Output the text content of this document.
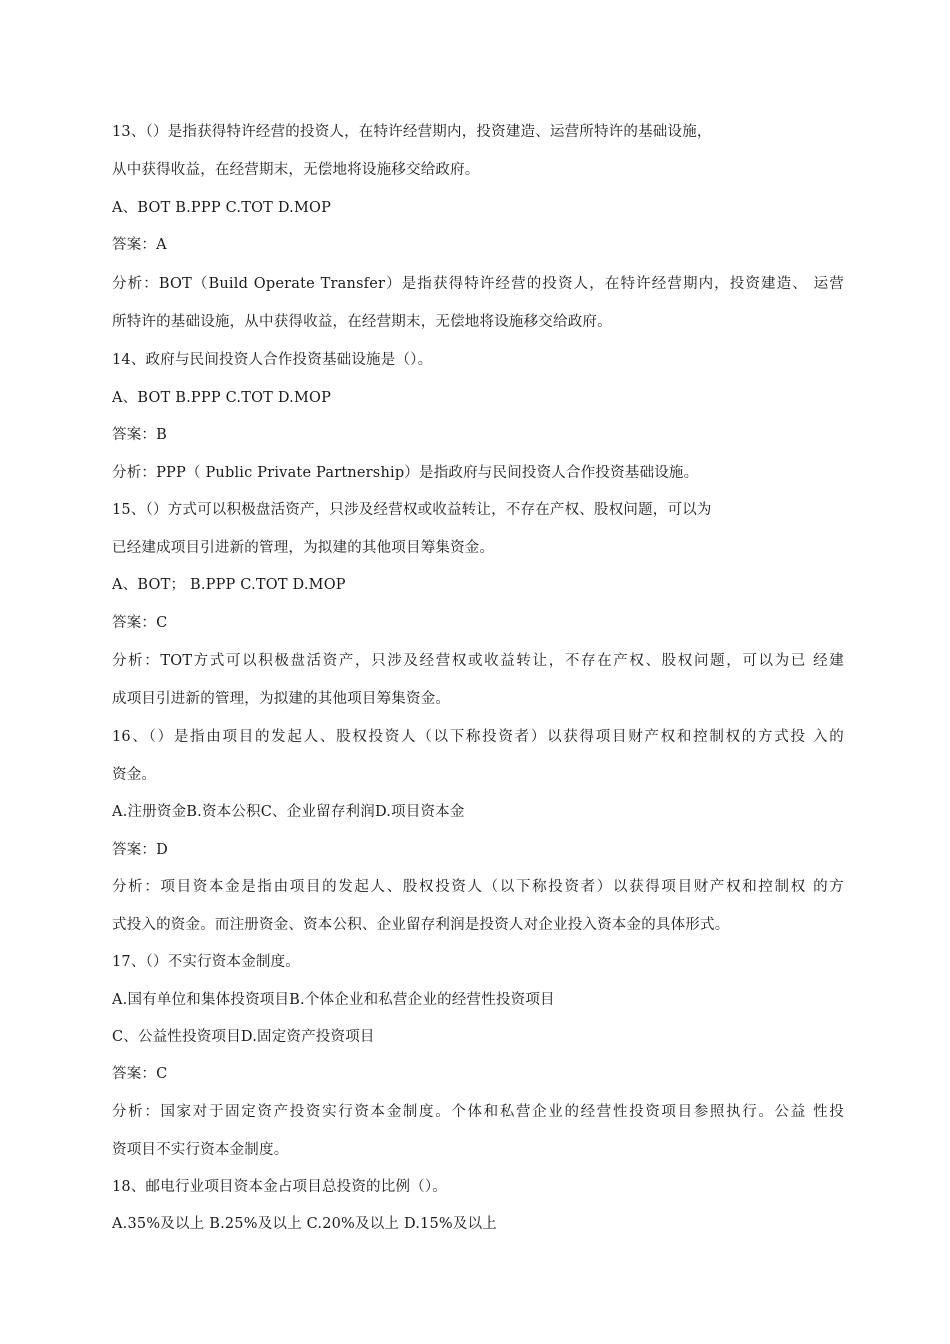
13、（）是指获得特许经营的投资人，在特许经营期内，投资建造、运营所特许的基础设施，
从中获得收益，在经营期末，无偿地将设施移交给政府。
A、BOT B.PPP C.TOT D.MOP
答案：A
分析：BOT（Build Operate Transfer）是指获得特许经营的投资人，在特许经营期内，投资建造、 运营
所特许的基础设施，从中获得收益，在经营期末，无偿地将设施移交给政府。
14、政府与民间投资人合作投资基础设施是（）。
A、BOT B.PPP C.TOT D.MOP
答案：B
分析：PPP（ Public Private Partnership）是指政府与民间投资人合作投资基础设施。
15、（）方式可以积极盘活资产，只涉及经营权或收益转让，不存在产权、股权问题，可以为
已经建成项目引进新的管理，为拟建的其他项目筹集资金。
A、BOT； B.PPP C.TOT D.MOP
答案：C
分析：TOT方式可以积极盘活资产，只涉及经营权或收益转让，不存在产权、股权问题，可以为已 经建
成项目引进新的管理，为拟建的其他项目筹集资金。
16、（）是指由项目的发起人、股权投资人（以下称投资者）以获得项目财产权和控制权的方式投 入的
资金。
A.注册资金B.资本公积C、企业留存利润D.项目资本金
答案：D
分析：项目资本金是指由项目的发起人、股权投资人（以下称投资者）以获得项目财产权和控制权 的方
式投入的资金。而注册资金、资本公积、企业留存利润是投资人对企业投入资本金的具体形式。
17、（）不实行资本金制度。
A.国有单位和集体投资项目B.个体企业和私营企业的经营性投资项目
C、公益性投资项目D.固定资产投资项目
答案：C
分析：国家对于固定资产投资实行资本金制度。个体和私营企业的经营性投资项目参照执行。公益 性投
资项目不实行资本金制度。
18、邮电行业项目资本金占项目总投资的比例（）。
A.35%及以上 B.25%及以上 C.20%及以上 D.15%及以上
